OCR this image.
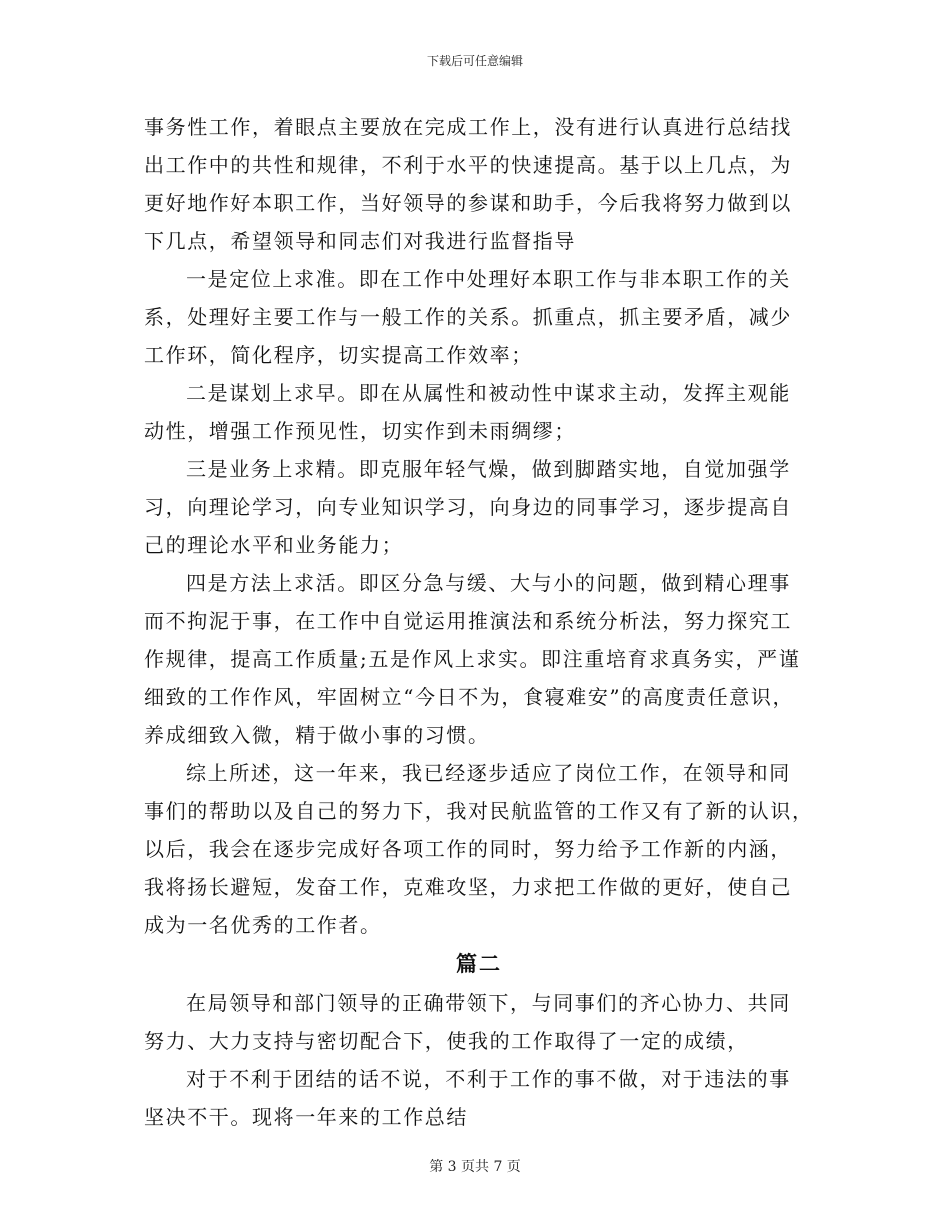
下载后可任意编辑
事务性工作，着眼点主要放在完成工作上，没有进行认真进行总结找
出工作中的共性和规律，不利于水平的快速提高。基于以上几点，为
更好地作好本职工作，当好领导的参谋和助手，今后我将努力做到以
下几点，希望领导和同志们对我进行监督指导
一是定位上求准。即在工作中处理好本职工作与非本职工作的关
系，处理好主要工作与一般工作的关系。抓重点，抓主要矛盾，减少
工作环，简化程序，切实提高工作效率；
二是谋划上求早。即在从属性和被动性中谋求主动，发挥主观能
动性，增强工作预见性，切实作到未雨绸缪；
三是业务上求精。即克服年轻气燥，做到脚踏实地，自觉加强学
习，向理论学习，向专业知识学习，向身边的同事学习，逐步提高自
己的理论水平和业务能力；
四是方法上求活。即区分急与缓、大与小的问题，做到精心理事
而不拘泥于事，在工作中自觉运用推演法和系统分析法，努力探究工
作规律，提高工作质量;五是作风上求实。即注重培育求真务实，严谨
细致的工作作风，牢固树立“今日不为，食寝难安”的高度责任意识，
养成细致入微，精于做小事的习惯。
综上所述，这一年来，我已经逐步适应了岗位工作，在领导和同
事们的帮助以及自己的努力下，我对民航监管的工作又有了新的认识，
以后，我会在逐步完成好各项工作的同时，努力给予工作新的内涵，
我将扬长避短，发奋工作，克难攻坚，力求把工作做的更好，使自己
成为一名优秀的工作者。
篇二
在局领导和部门领导的正确带领下，与同事们的齐心协力、共同
努力、大力支持与密切配合下，使我的工作取得了一定的成绩，
对于不利于团结的话不说，不利于工作的事不做，对于违法的事
坚决不干。现将一年来的工作总结
第 3 页共 7 页
